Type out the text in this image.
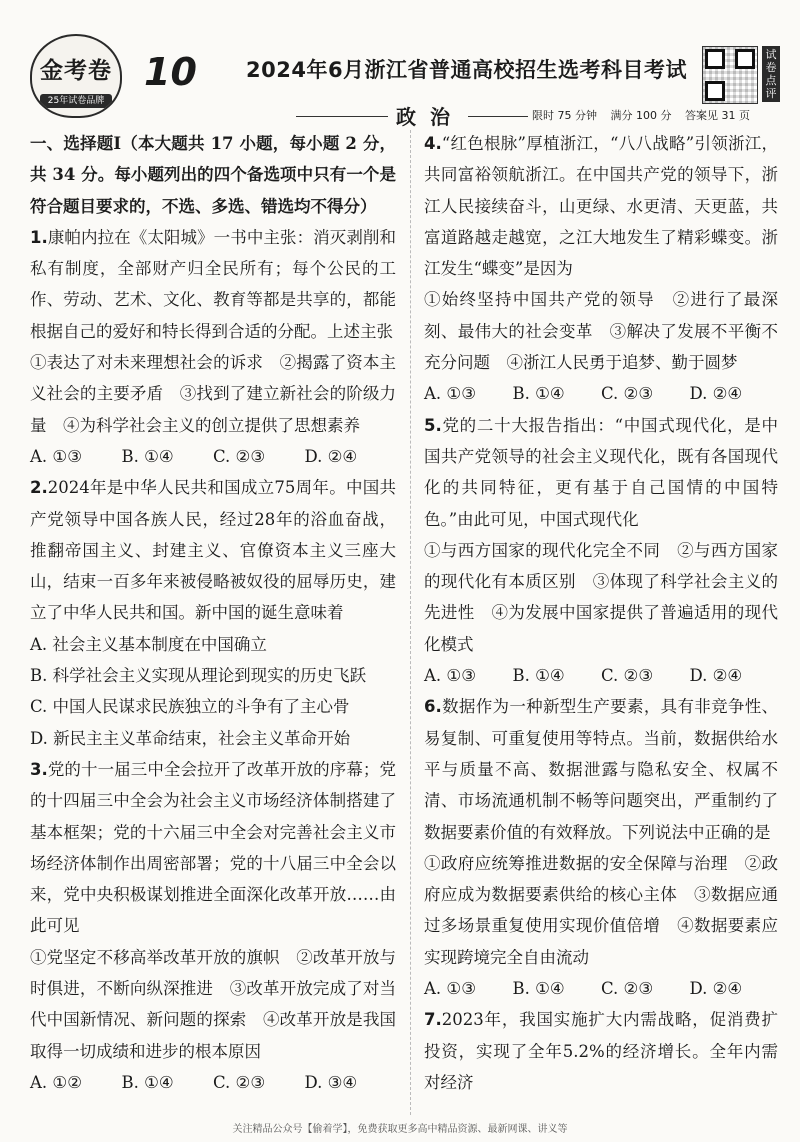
金考卷
25年试卷品牌
10 2024年6月浙江省普通高校招生选考科目考试
试卷点评
政治	限时 75 分钟 满分 100 分 答案见 31 页
一、选择题Ⅰ（本大题共 17 小题，每小题 2 分，共 34 分。每小题列出的四个备选项中只有一个是符合题目要求的，不选、多选、错选均不得分）

1.康帕内拉在《太阳城》一书中主张：消灭剥削和私有制度，全部财产归全民所有；每个公民的工作、劳动、艺术、文化、教育等都是共享的，都能根据自己的爱好和特长得到合适的分配。上述主张

①表达了对未来理想社会的诉求　②揭露了资本主义社会的主要矛盾　③找到了建立新社会的阶级力量　④为科学社会主义的创立提供了思想素养

A. ①③	B. ①④	C. ②③	D. ②④

2.2024年是中华人民共和国成立75周年。中国共产党领导中国各族人民，经过28年的浴血奋战，推翻帝国主义、封建主义、官僚资本主义三座大山，结束一百多年来被侵略被奴役的屈辱历史，建立了中华人民共和国。新中国的诞生意味着

A. 社会主义基本制度在中国确立

B. 科学社会主义实现从理论到现实的历史飞跃

C. 中国人民谋求民族独立的斗争有了主心骨

D. 新民主主义革命结束，社会主义革命开始

3.党的十一届三中全会拉开了改革开放的序幕；党的十四届三中全会为社会主义市场经济体制搭建了基本框架；党的十六届三中全会对完善社会主义市场经济体制作出周密部署；党的十八届三中全会以来，党中央积极谋划推进全面深化改革开放……由此可见

①党坚定不移高举改革开放的旗帜　②改革开放与时俱进，不断向纵深推进　③改革开放完成了对当代中国新情况、新问题的探索　④改革开放是我国取得一切成绩和进步的根本原因

A. ①②	B. ①④	C. ②③	D. ③④

4.“红色根脉”厚植浙江，“八八战略”引领浙江，共同富裕领航浙江。在中国共产党的领导下，浙江人民接续奋斗，山更绿、水更清、天更蓝，共富道路越走越宽，之江大地发生了精彩蝶变。浙江发生“蝶变”是因为

①始终坚持中国共产党的领导　②进行了最深刻、最伟大的社会变革　③解决了发展不平衡不充分问题　④浙江人民勇于追梦、勤于圆梦

A. ①③	B. ①④	C. ②③	D. ②④

5.党的二十大报告指出：“中国式现代化，是中国共产党领导的社会主义现代化，既有各国现代化的共同特征，更有基于自己国情的中国特色。”由此可见，中国式现代化

①与西方国家的现代化完全不同　②与西方国家的现代化有本质区别　③体现了科学社会主义的先进性　④为发展中国家提供了普遍适用的现代化模式

A. ①③	B. ①④	C. ②③	D. ②④

6.数据作为一种新型生产要素，具有非竞争性、易复制、可重复使用等特点。当前，数据供给水平与质量不高、数据泄露与隐私安全、权属不清、市场流通机制不畅等问题突出，严重制约了数据要素价值的有效释放。下列说法中正确的是

①政府应统筹推进数据的安全保障与治理　②政府应成为数据要素供给的核心主体　③数据应通过多场景重复使用实现价值倍增　④数据要素应实现跨境完全自由流动

A. ①③	B. ①④	C. ②③	D. ②④

7.2023年，我国实施扩大内需战略，促消费扩投资，实现了全年5.2%的经济增长。全年内需对经济

关注精品公众号【偷着学】，免费获取更多高中精品资源、最新网课、讲义等
